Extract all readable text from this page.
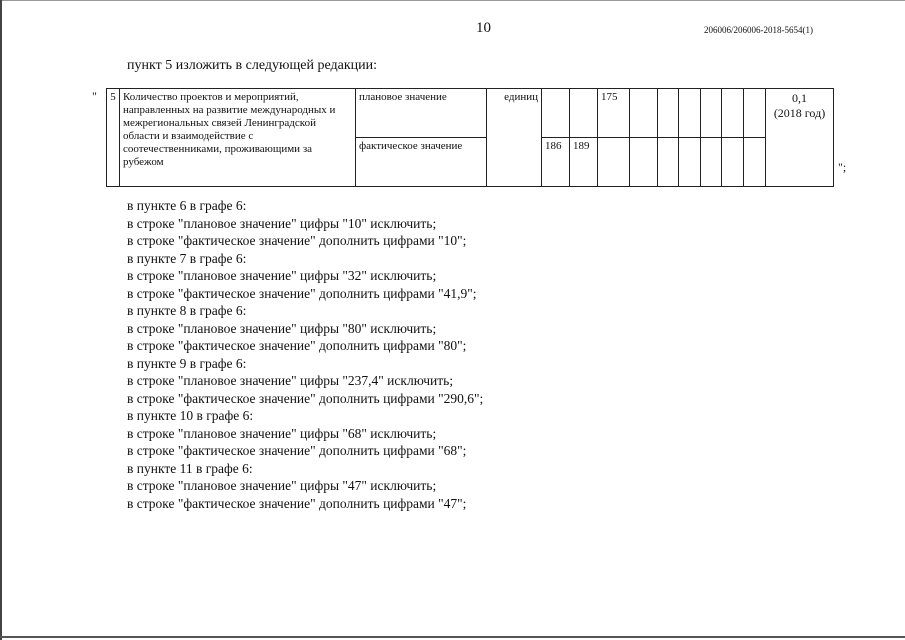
10	206006/206006-2018-5654(1)
пункт 5 изложить в следующей редакции:
" 5	Количество проектов и мероприятий, направленных на развитие международных и межрегиональных связей Ленинградской области и взаимодействие с соотечественниками, проживающими за рубежом	плановое значение	единиц			175							0,1
(2018 год)

		фактическое значение		186	189								
";
в пункте 6 в графе 6:
в строке "плановое значение" цифры "10" исключить;
в строке "фактическое значение" дополнить цифрами "10";
в пункте 7 в графе 6:
в строке "плановое значение" цифры "32" исключить;
в строке "фактическое значение" дополнить цифрами "41,9";
в пункте 8 в графе 6:
в строке "плановое значение" цифры "80" исключить;
в строке "фактическое значение" дополнить цифрами "80";
в пункте 9 в графе 6:
в строке "плановое значение" цифры "237,4" исключить;
в строке "фактическое значение" дополнить цифрами "290,6";
в пункте 10 в графе 6:
в строке "плановое значение" цифры "68" исключить;
в строке "фактическое значение" дополнить цифрами "68";
в пункте 11 в графе 6:
в строке "плановое значение" цифры "47" исключить;
в строке "фактическое значение" дополнить цифрами "47";
